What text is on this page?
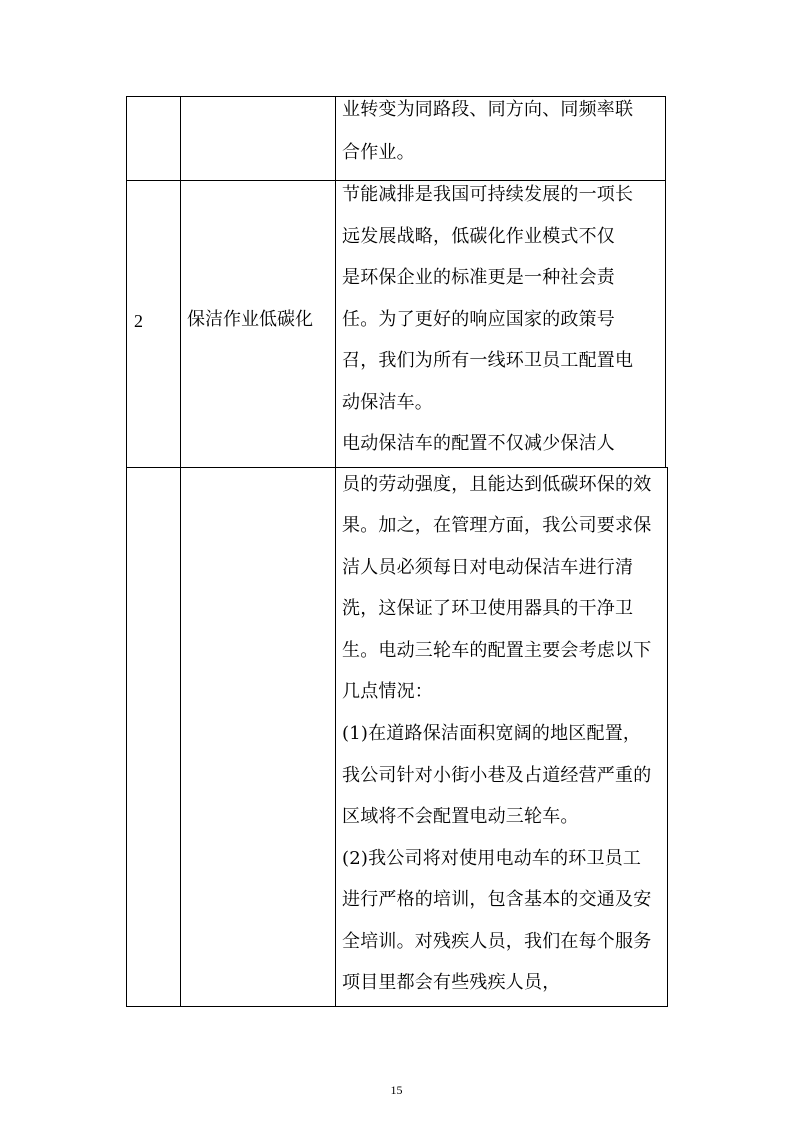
业转变为同路段、同方向、同频率联
合作业。
2 保洁作业低碳化
节能减排是我国可持续发展的一项长
远发展战略，低碳化作业模式不仅
是环保企业的标准更是一种社会责
任。为了更好的响应国家的政策号
召，我们为所有一线环卫员工配置电
动保洁车。
电动保洁车的配置不仅减少保洁人
员的劳动强度，且能达到低碳环保的效
果。加之，在管理方面，我公司要求保
洁人员必须每日对电动保洁车进行清
洗，这保证了环卫使用器具的干净卫
生。电动三轮车的配置主要会考虑以下
几点情况：
(1)在道路保洁面积宽阔的地区配置，
我公司针对小街小巷及占道经营严重的
区域将不会配置电动三轮车。
(2)我公司将对使用电动车的环卫员工
进行严格的培训，包含基本的交通及安
全培训。对残疾人员，我们在每个服务
项目里都会有些残疾人员，
15
